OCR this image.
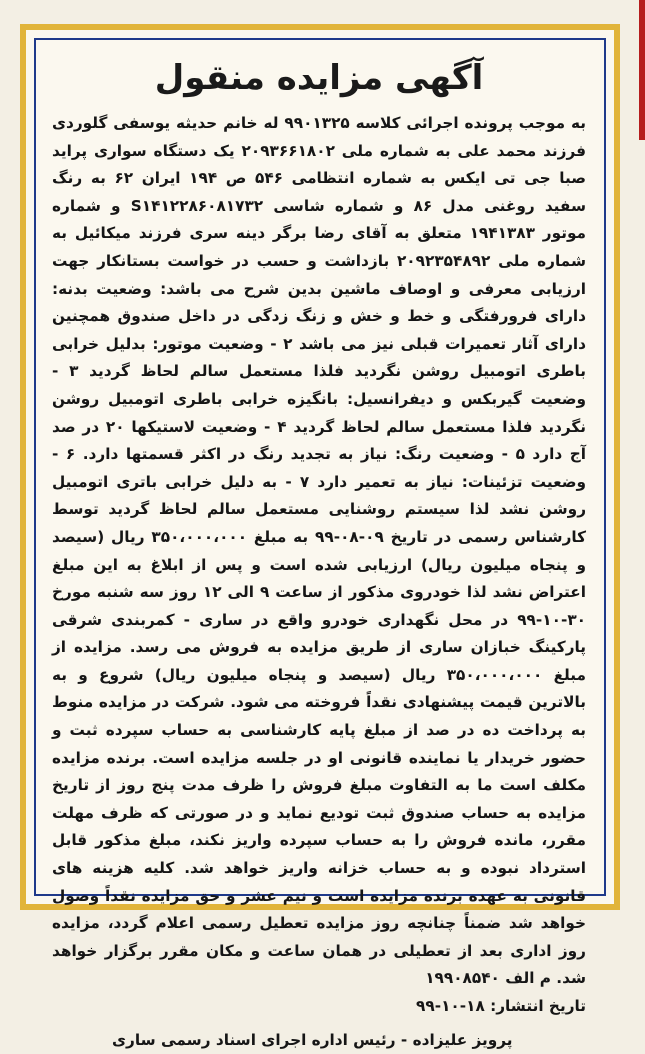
آگهی مزایده منقول

به موجب پرونده اجرائی کلاسه ۹۹۰۱۳۲۵ له خانم حدیثه یوسفی گلوردی فرزند محمد علی به شماره ملی ۲۰۹۳۶۶۱۸۰۲ یک دستگاه سواری پراید صبا جی تی ایکس به شماره انتظامی ۵۴۶ ص ۱۹۴ ایران ۶۲ به رنگ سفید روغنی مدل ۸۶ و شماره شاسی S۱۴۱۲۲۸۶۰۸۱۷۳۲ و شماره موتور ۱۹۴۱۳۸۳ متعلق به آقای رضا برگر دینه سری فرزند میکائیل به شماره ملی ۲۰۹۲۳۵۴۸۹۲ بازداشت و حسب در خواست بستانکار جهت ارزیابی معرفی و اوصاف ماشین بدین شرح می باشد: وضعیت بدنه: دارای فرورفتگی و خط و خش و زنگ زدگی در داخل صندوق همچنین دارای آثار تعمیرات قبلی نیز می باشد ۲ - وضعیت موتور: بدلیل خرابی باطری اتومبیل روشن نگردید فلذا مستعمل سالم لحاظ گردید ۳ - وضعیت گیربکس و دیفرانسیل: بانگیزه خرابی باطری اتومبیل روشن نگردید فلذا مستعمل سالم لحاظ گردید ۴ - وضعیت لاستیکها ۲۰ در صد آج دارد ۵ - وضعیت رنگ: نیاز به تجدید رنگ در اکثر قسمتها دارد. ۶ - وضعیت تزئینات: نیاز به تعمیر دارد ۷ - به دلیل خرابی باتری اتومبیل روشن نشد لذا سیستم روشنایی مستعمل سالم لحاظ گردید توسط کارشناس رسمی در تاریخ ۰۹-۰۸-۹۹ به مبلغ ۳۵۰،۰۰۰،۰۰۰ ریال (سیصد و پنجاه میلیون ریال) ارزیابی شده است و پس از ابلاغ به این مبلغ اعتراض نشد لذا خودروی مذکور از ساعت ۹ الی ۱۲ روز سه شنبه مورخ ۳۰-۱۰-۹۹ در محل نگهداری خودرو واقع در ساری - کمربندی شرقی پارکینگ خبازان ساری از طریق مزایده به فروش می رسد. مزایده از مبلغ ۳۵۰،۰۰۰،۰۰۰ ریال (سیصد و پنجاه میلیون ریال) شروع و به بالاترین قیمت پیشنهادی نقداً فروخته می شود. شرکت در مزایده منوط به پرداخت ده در صد از مبلغ پایه کارشناسی به حساب سپرده ثبت و حضور خریدار یا نماینده قانونی او در جلسه مزایده است. برنده مزایده مکلف است ما به التفاوت مبلغ فروش را ظرف مدت پنج روز از تاریخ مزایده به حساب صندوق ثبت تودیع نماید و در صورتی که ظرف مهلت مقرر، مانده فروش را به حساب سپرده واریز نکند، مبلغ مذکور قابل استرداد نبوده و به حساب خزانه واریز خواهد شد. کلیه هزینه های قانونی به عهده برنده مزایده است و نیم عشر و حق مزایده نقداً وصول خواهد شد ضمناً چنانچه روز مزایده تعطیل رسمی اعلام گردد، مزایده روز اداری بعد از تعطیلی در همان ساعت و مکان مقرر برگزار خواهد شد. م الف ۱۹۹۰۸۵۴۰

تاریخ انتشار: ۱۸-۱۰-۹۹

پرویز علیزاده - رئیس اداره اجرای اسناد رسمی ساری
